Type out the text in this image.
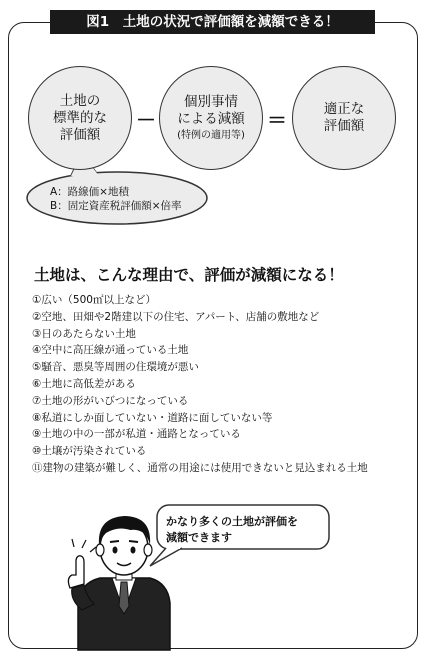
図1　土地の状況で評価額を減額できる！
土地の
標準的な
評価額
－
個別事情
による減額
(特例の適用等)
＝	適正な
評価額
A：路線価×地積
B：固定資産税評価額×倍率
土地は、こんな理由で、評価が減額になる！
①広い（500㎡以上など）
②空地、田畑や2階建以下の住宅、アパート、店舗の敷地など
③日のあたらない土地
④空中に高圧線が通っている土地
⑤騒音、悪臭等周囲の住環境が悪い
⑥土地に高低差がある
⑦土地の形がいびつになっている
⑧私道にしか面していない・道路に面していない等
⑨土地の中の一部が私道・通路となっている
⑩土壌が汚染されている
⑪建物の建築が難しく、通常の用途には使用できないと見込まれる土地
かなり多くの土地が評価を
減額できます
